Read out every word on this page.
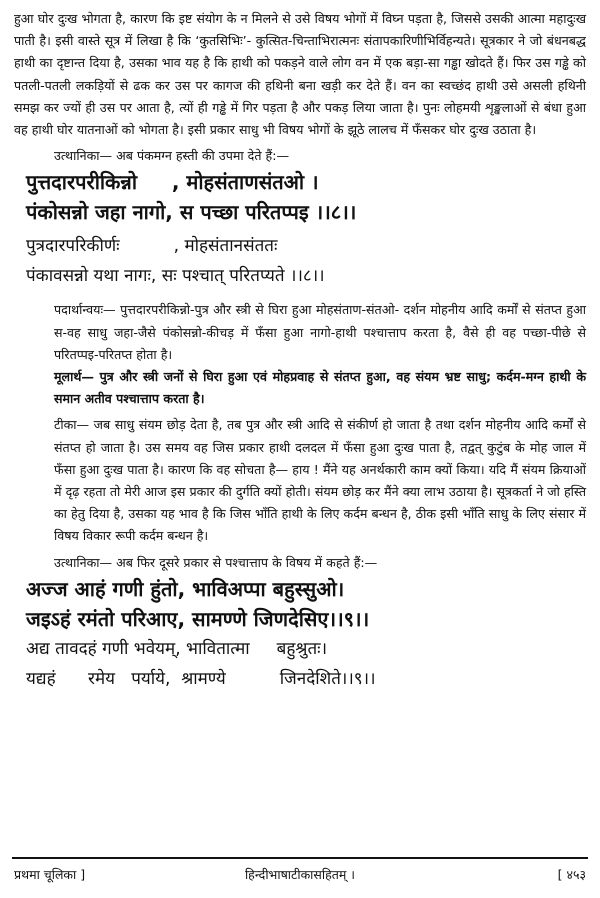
हुआ घोर दुःख भोगता है, कारण कि इष्ट संयोग के न मिलने से उसे विषय भोगों में विघ्न पड़ता है, जिससे उसकी आत्मा महादुःख पाती है। इसी वास्ते सूत्र में लिखा है कि ‘कुतसिभिः’- कुत्सित-चिन्ताभिरात्मनः संतापकारिणीभिर्विहन्यते। सूत्रकार ने जो बंधनबद्ध हाथी का दृष्टान्त दिया है, उसका भाव यह है कि हाथी को पकड़ने वाले लोग वन में एक बड़ा-सा गड्ढा खोदते हैं। फिर उस गड्ढे को पतली-पतली लकड़ियों से ढक कर उस पर कागज की हथिनी बना खड़ी कर देते हैं। वन का स्वच्छंद हाथी उसे असली हथिनी समझ कर ज्यों ही उस पर आता है, त्यों ही गड्ढे में गिर पड़ता है और पकड़ लिया जाता है। पुनः लोहमयी शृङ्खलाओं से बंधा हुआ वह हाथी घोर यातनाओं को भोगता है। इसी प्रकार साधु भी विषय भोगों के झूठे लालच में फँसकर घोर दुःख उठाता है।

उत्थानिका— अब पंकमग्न हस्ती की उपमा देते हैं:—

पुत्तदारपरीकिन्नो     , मोहसंताणसंतओ ।

पंकोसन्नो जहा नागो, स पच्छा परितप्पइ ।।८।।

पुत्रदारपरिकीर्णः          , मोहसंतानसंततः

पंकावसन्नो यथा नागः, सः पश्चात् परितप्यते ।।८।।

पदार्थान्वयः— पुत्तदारपरीकिन्नो-पुत्र और स्त्री से घिरा हुआ मोहसंताण-संतओ- दर्शन मोहनीय आदि कर्मों से संतप्त हुआ स-वह साधु जहा-जैसे पंकोसन्नो-कीचड़ में फँसा हुआ नागो-हाथी पश्चात्ताप करता है, वैसे ही वह पच्छा-पीछे से परितप्पइ-परितप्त होता है।

मूलार्थ— पुत्र और स्त्री जनों से घिरा हुआ एवं मोहप्रवाह से संतप्त हुआ, वह संयम भ्रष्ट साधु; कर्दम-मग्न हाथी के समान अतीव पश्चात्ताप करता है।

टीका— जब साधु संयम छोड़ देता है, तब पुत्र और स्त्री आदि से संकीर्ण हो जाता है तथा दर्शन मोहनीय आदि कर्मों से संतप्त हो जाता है। उस समय वह जिस प्रकार हाथी दलदल में फँसा हुआ दुःख पाता है, तद्वत् कुटुंब के मोह जाल में फँसा हुआ दुःख पाता है। कारण कि वह सोचता है— हाय ! मैंने यह अनर्थकारी काम क्यों किया। यदि मैं संयम क्रियाओं में दृढ़ रहता तो मेरी आज इस प्रकार की दुर्गति क्यों होती। संयम छोड़ कर मैंने क्या लाभ उठाया है। सूत्रकर्ता ने जो हस्ति का हेतु दिया है, उसका यह भाव है कि जिस भाँति हाथी के लिए कर्दम बन्धन है, ठीक इसी भाँति साधु के लिए संसार में विषय विकार रूपी कर्दम बन्धन है।

उत्थानिका— अब फिर दूसरे प्रकार से पश्चात्ताप के विषय में कहते हैं:—

अज्ज आहं गणी हुंतो, भाविअप्पा बहुस्सुओ।

जइऽहं रमंतो परिआए, सामण्णे जिणदेसिए।।९।।

अद्य तावदहं गणी भवेयम्, भावितात्मा     बहुश्रुतः।

यद्यहं      रमेय   पर्याये,  श्रामण्ये          जिनदेशिते।।९।।

प्रथमा चूलिका ]	हिन्दीभाषाटीकासहितम् ।	[ ४५३
